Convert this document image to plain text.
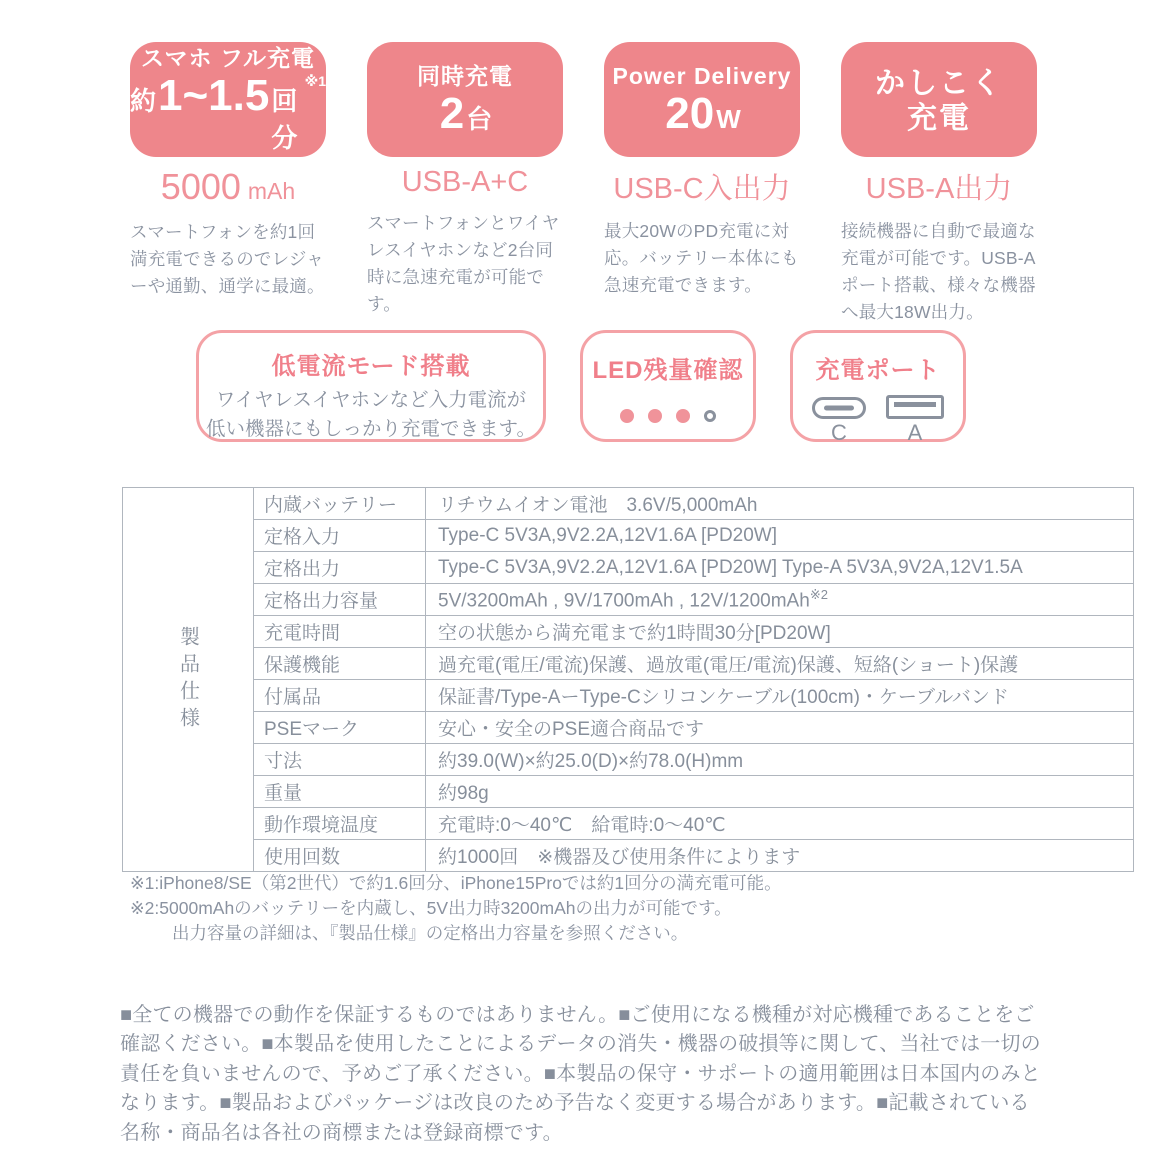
スマホ フル充電
約 1~1.5 回分
※1
5000 mAh
スマートフォンを約1回満充電できるのでレジャーや通勤、通学に最適。
同時充電
2 台
USB-A+C
スマートフォンとワイヤレスイヤホンなど2台同時に急速充電が可能です。
Power Delivery
20 W
USB-C入出力
最大20WのPD充電に対応。バッテリー本体にも急速充電できます。
かしこく
充電
USB-A出力
接続機器に自動で最適な充電が可能です。USB-Aポート搭載、様々な機器へ最大18W出力。
低電流モード搭載
ワイヤレスイヤホンなど入力電流が
低い機器にもしっかり充電できます。
LED残量確認	充電ポート
C	A
製品仕様	内蔵バッテリー	リチウムイオン電池　3.6V/5,000mAh
	定格入力	Type-C 5V3A,9V2.2A,12V1.6A [PD20W]
	定格出力	Type-C 5V3A,9V2.2A,12V1.6A [PD20W] Type-A 5V3A,9V2A,12V1.5A
	定格出力容量	5V/3200mAh , 9V/1700mAh , 12V/1200mAh$^{※2}$
	充電時間	空の状態から満充電まで約1時間30分[PD20W]
	保護機能	過充電(電圧/電流)保護、過放電(電圧/電流)保護、短絡(ショート)保護
	付属品	保証書/Type-AーType-Cシリコンケーブル(100cm)・ケーブルバンド
	PSEマーク	安心・安全のPSE適合商品です
	寸法	約39.0(W)×約25.0(D)×約78.0(H)mm
	重量	約98g
	動作環境温度	充電時:0〜40℃　給電時:0〜40℃
	使用回数	約1000回　※機器及び使用条件によります
※1:iPhone8/SE（第2世代）で約1.6回分、iPhone15Proでは約1回分の満充電可能。
※2:5000mAhのバッテリーを内蔵し、5V出力時3200mAhの出力が可能です。
出力容量の詳細は、『製品仕様』の定格出力容量を参照ください。
■全ての機器での動作を保証するものではありません。■ご使用になる機種が対応機種であることをご確認ください。■本製品を使用したことによるデータの消失・機器の破損等に関して、当社では一切の責任を負いませんので、予めご了承ください。■本製品の保守・サポートの適用範囲は日本国内のみとなります。■製品およびパッケージは改良のため予告なく変更する場合があります。■記載されている名称・商品名は各社の商標または登録商標です。
